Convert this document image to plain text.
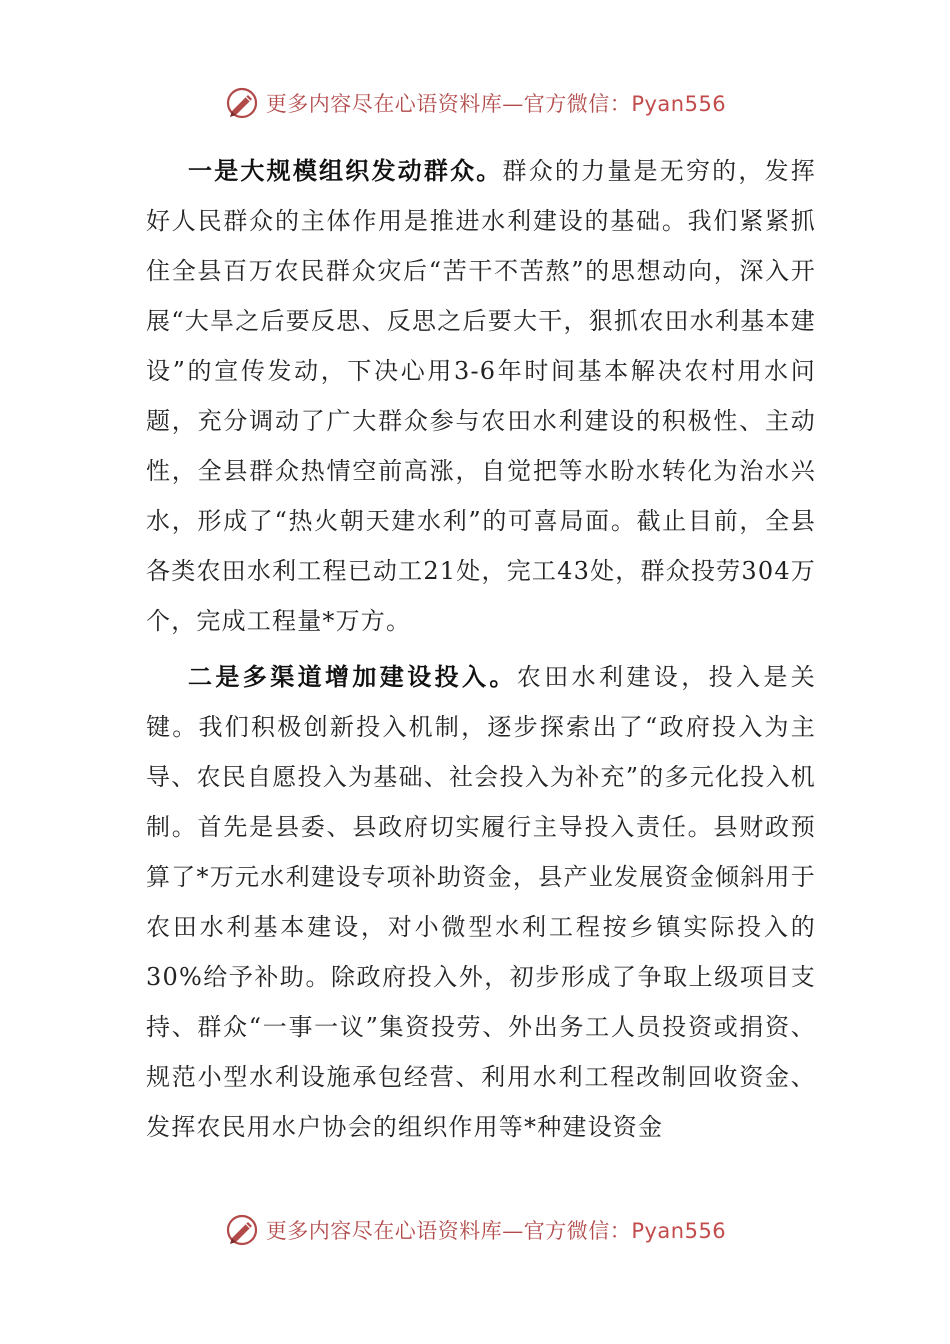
更多内容尽在心语资料库—官方微信：Pyan556

一是大规模组织发动群众。群众的力量是无穷的，发挥好人民群众的主体作用是推进水利建设的基础。我们紧紧抓住全县百万农民群众灾后“苦干不苦熬”的思想动向，深入开展“大旱之后要反思、反思之后要大干，狠抓农田水利基本建设”的宣传发动，下决心用3-6年时间基本解决农村用水问题，充分调动了广大群众参与农田水利建设的积极性、主动性，全县群众热情空前高涨，自觉把等水盼水转化为治水兴水，形成了“热火朝天建水利”的可喜局面。截止目前，全县各类农田水利工程已动工21处，完工43处，群众投劳304万个，完成工程量*万方。

二是多渠道增加建设投入。农田水利建设，投入是关键。我们积极创新投入机制，逐步探索出了“政府投入为主导、农民自愿投入为基础、社会投入为补充”的多元化投入机制。首先是县委、县政府切实履行主导投入责任。县财政预算了*万元水利建设专项补助资金，县产业发展资金倾斜用于农田水利基本建设，对小微型水利工程按乡镇实际投入的30%给予补助。除政府投入外，初步形成了争取上级项目支持、群众“一事一议”集资投劳、外出务工人员投资或捐资、规范小型水利设施承包经营、利用水利工程改制回收资金、发挥农民用水户协会的组织作用等*种建设资金

更多内容尽在心语资料库—官方微信：Pyan556
